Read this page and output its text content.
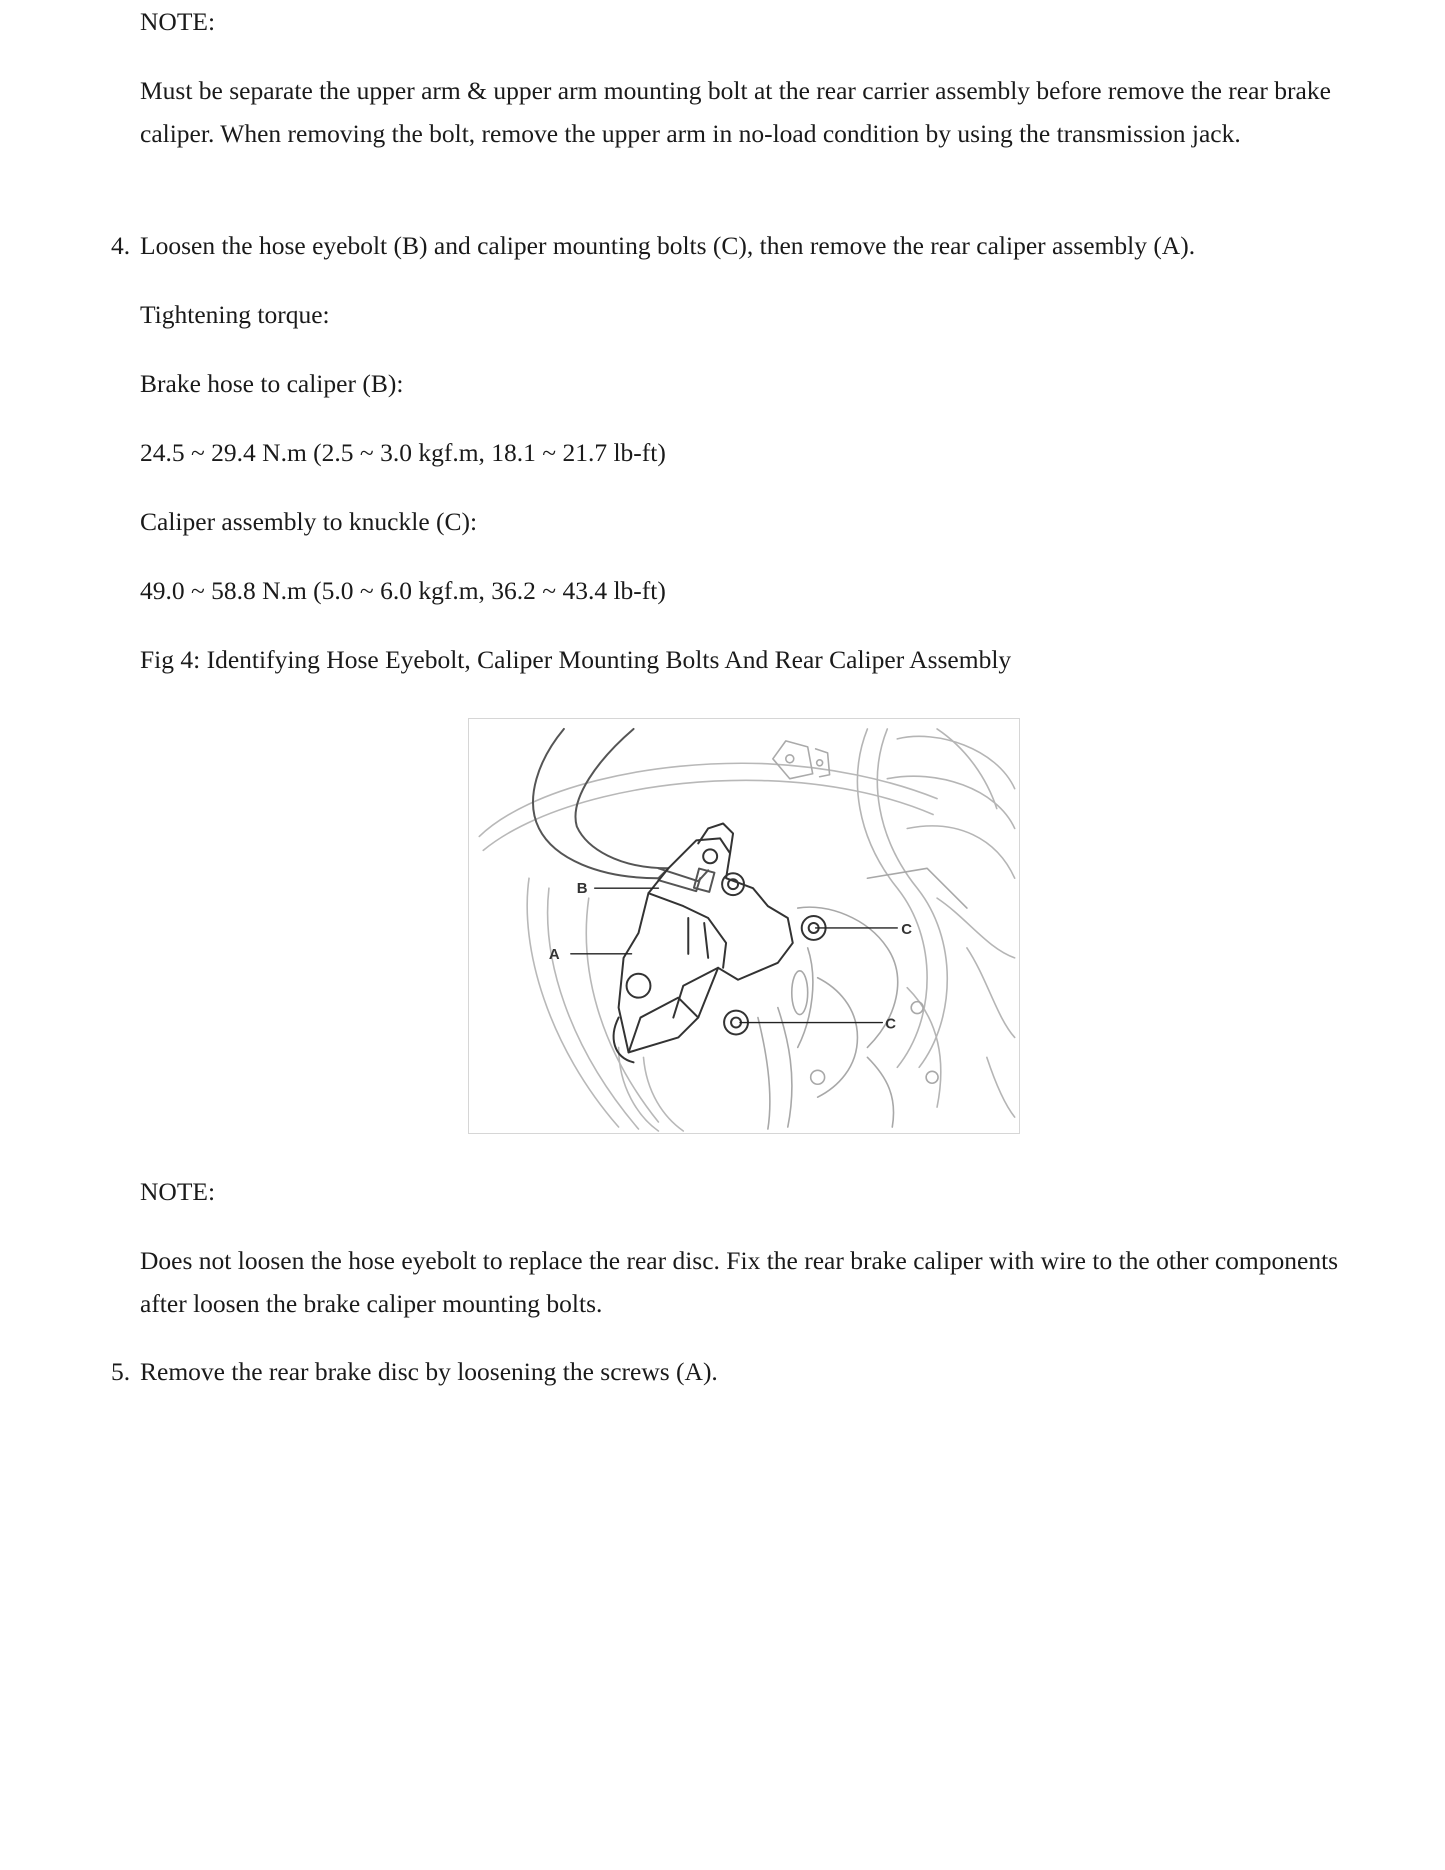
NOTE:

Must be separate the upper arm & upper arm mounting bolt at the rear carrier assembly before remove the rear brake caliper. When removing the bolt, remove the upper arm in no-load condition by using the transmission jack.

4. Loosen the hose eyebolt (B) and caliper mounting bolts (C), then remove the rear caliper assembly (A).

Tightening torque:

Brake hose to caliper (B):

24.5 ~ 29.4 N.m (2.5 ~ 3.0 kgf.m, 18.1 ~ 21.7 lb-ft)

Caliper assembly to knuckle (C):

49.0 ~ 58.8 N.m (5.0 ~ 6.0 kgf.m, 36.2 ~ 43.4 lb-ft)

Fig 4: Identifying Hose Eyebolt, Caliper Mounting Bolts And Rear Caliper Assembly

B
A
C
C

NOTE:

Does not loosen the hose eyebolt to replace the rear disc. Fix the rear brake caliper with wire to the other components after loosen the brake caliper mounting bolts.

5. Remove the rear brake disc by loosening the screws (A).
